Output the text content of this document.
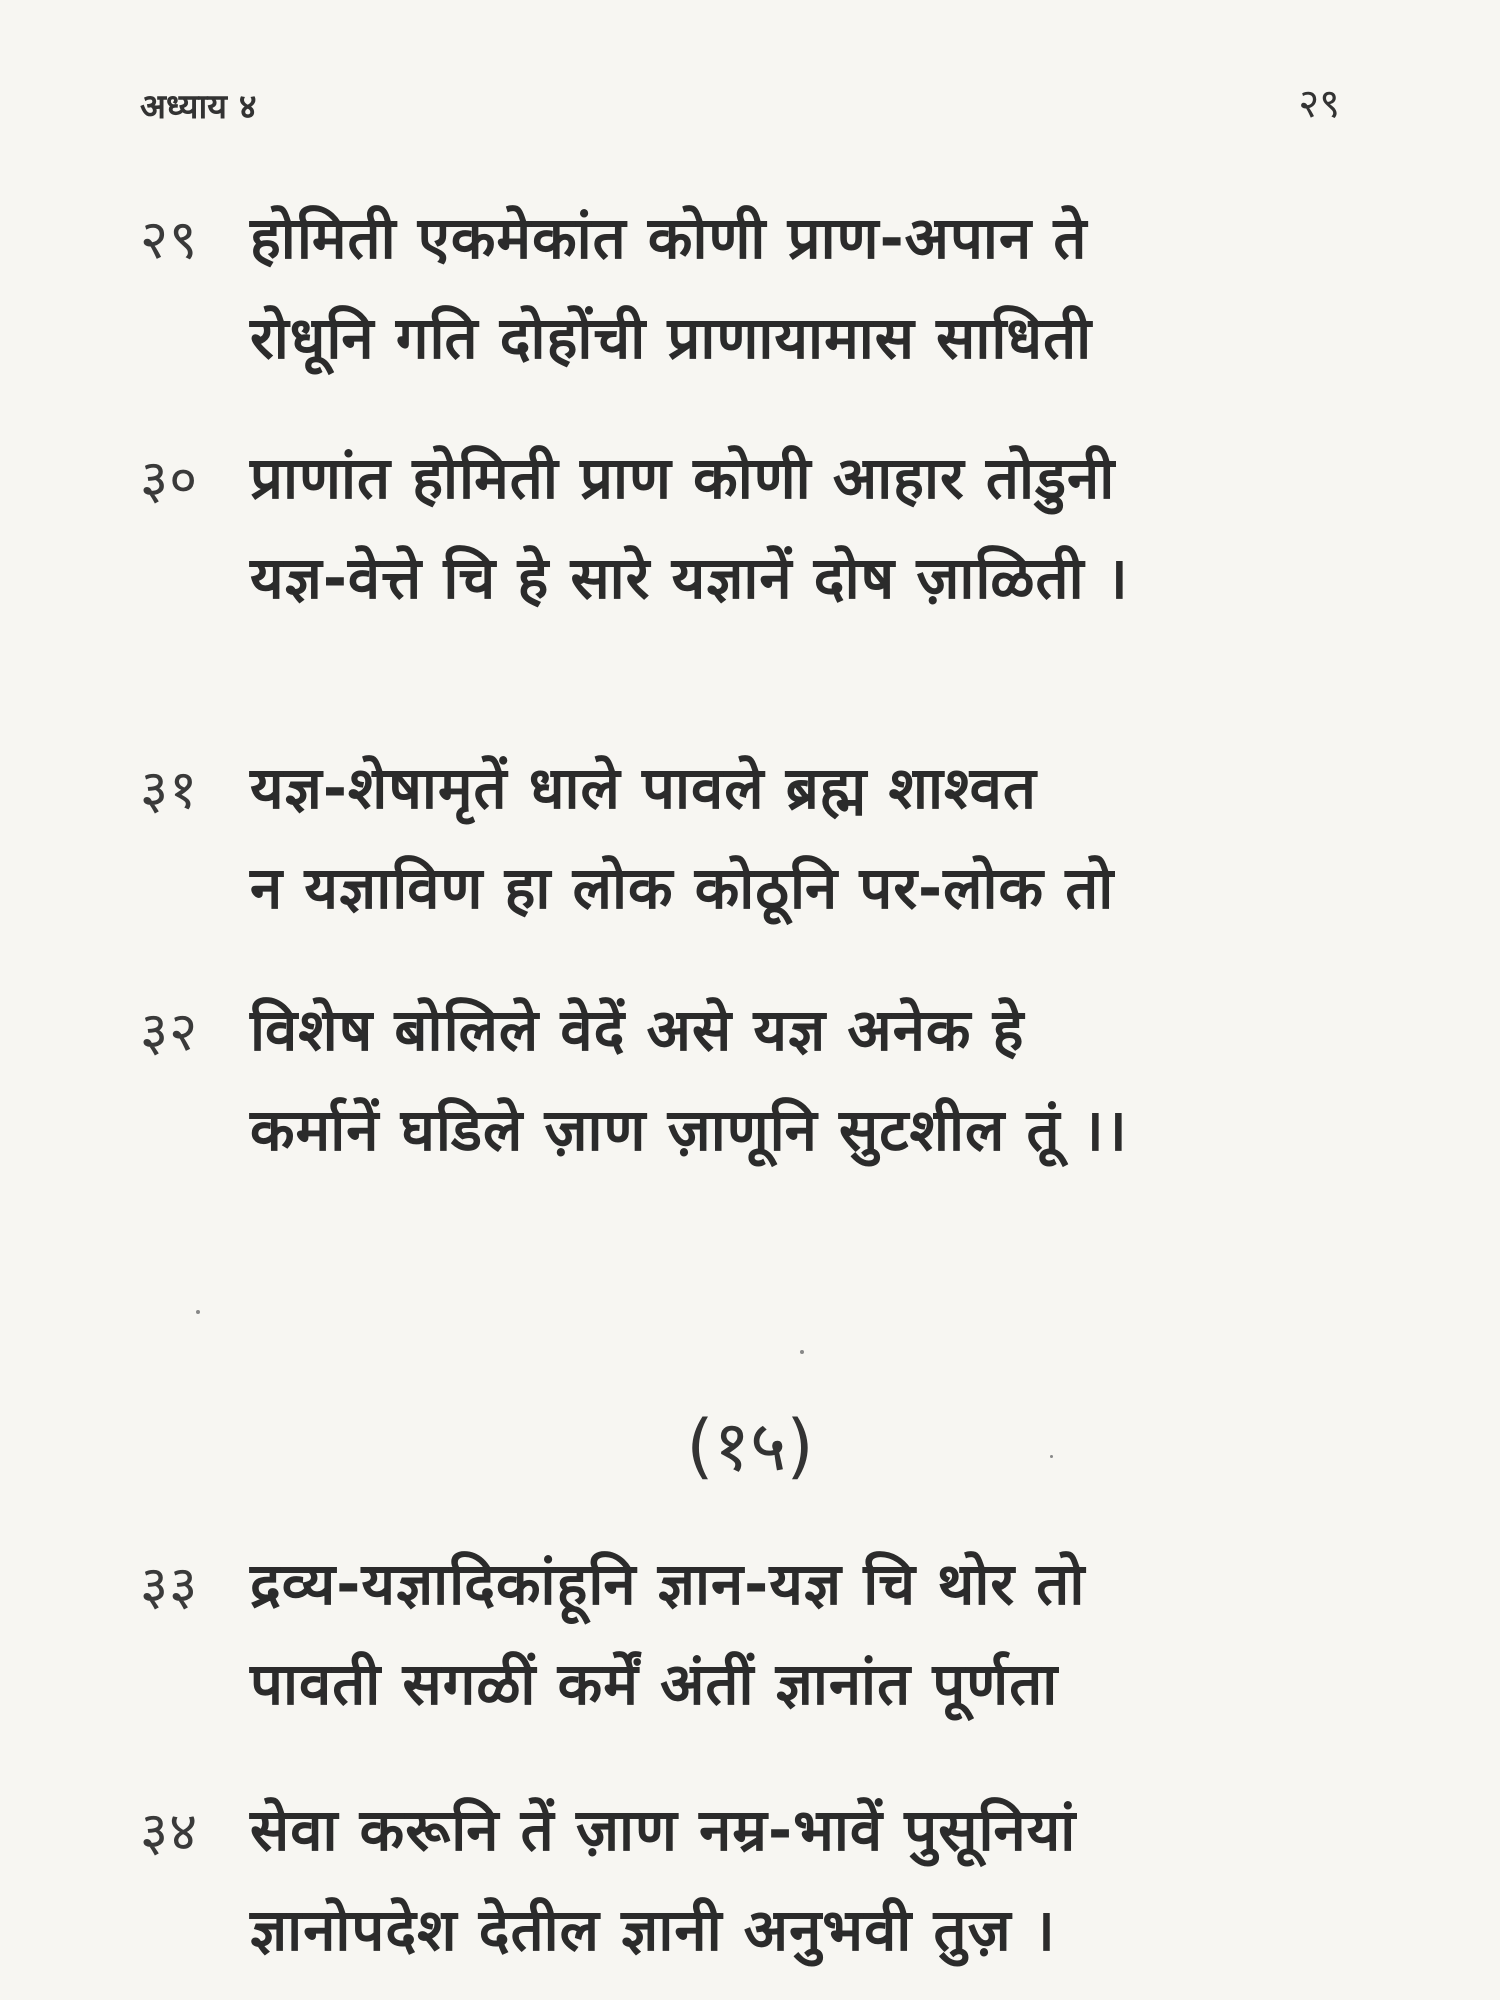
अध्याय ४	२९
२९ होमिती एकमेकांत कोणी प्राण-अपान ते
रोधूनि गति दोहोंची प्राणायामास साधिती
३० प्राणांत होमिती प्राण कोणी आहार तोडुनी
यज्ञ-वेत्ते चि हे सारे यज्ञानें दोष ज़ाळिती ।
३१ यज्ञ-शेषामृतें धाले पावले ब्रह्म शाश्वत
न यज्ञाविण हा लोक कोठूनि पर-लोक तो
३२ विशेष बोलिले वेदें असे यज्ञ अनेक हे
कर्मानें घडिले ज़ाण ज़ाणूनि सुटशील तूं ।।
(१५)
३३ द्रव्य-यज्ञादिकांहूनि ज्ञान-यज्ञ चि थोर तो
पावती सगळीं कर्में अंतीं ज्ञानांत पूर्णता
३४ सेवा करूनि तें ज़ाण नम्र-भावें पुसूनियां
ज्ञानोपदेश देतील ज्ञानी अनुभवी तुज़ ।
